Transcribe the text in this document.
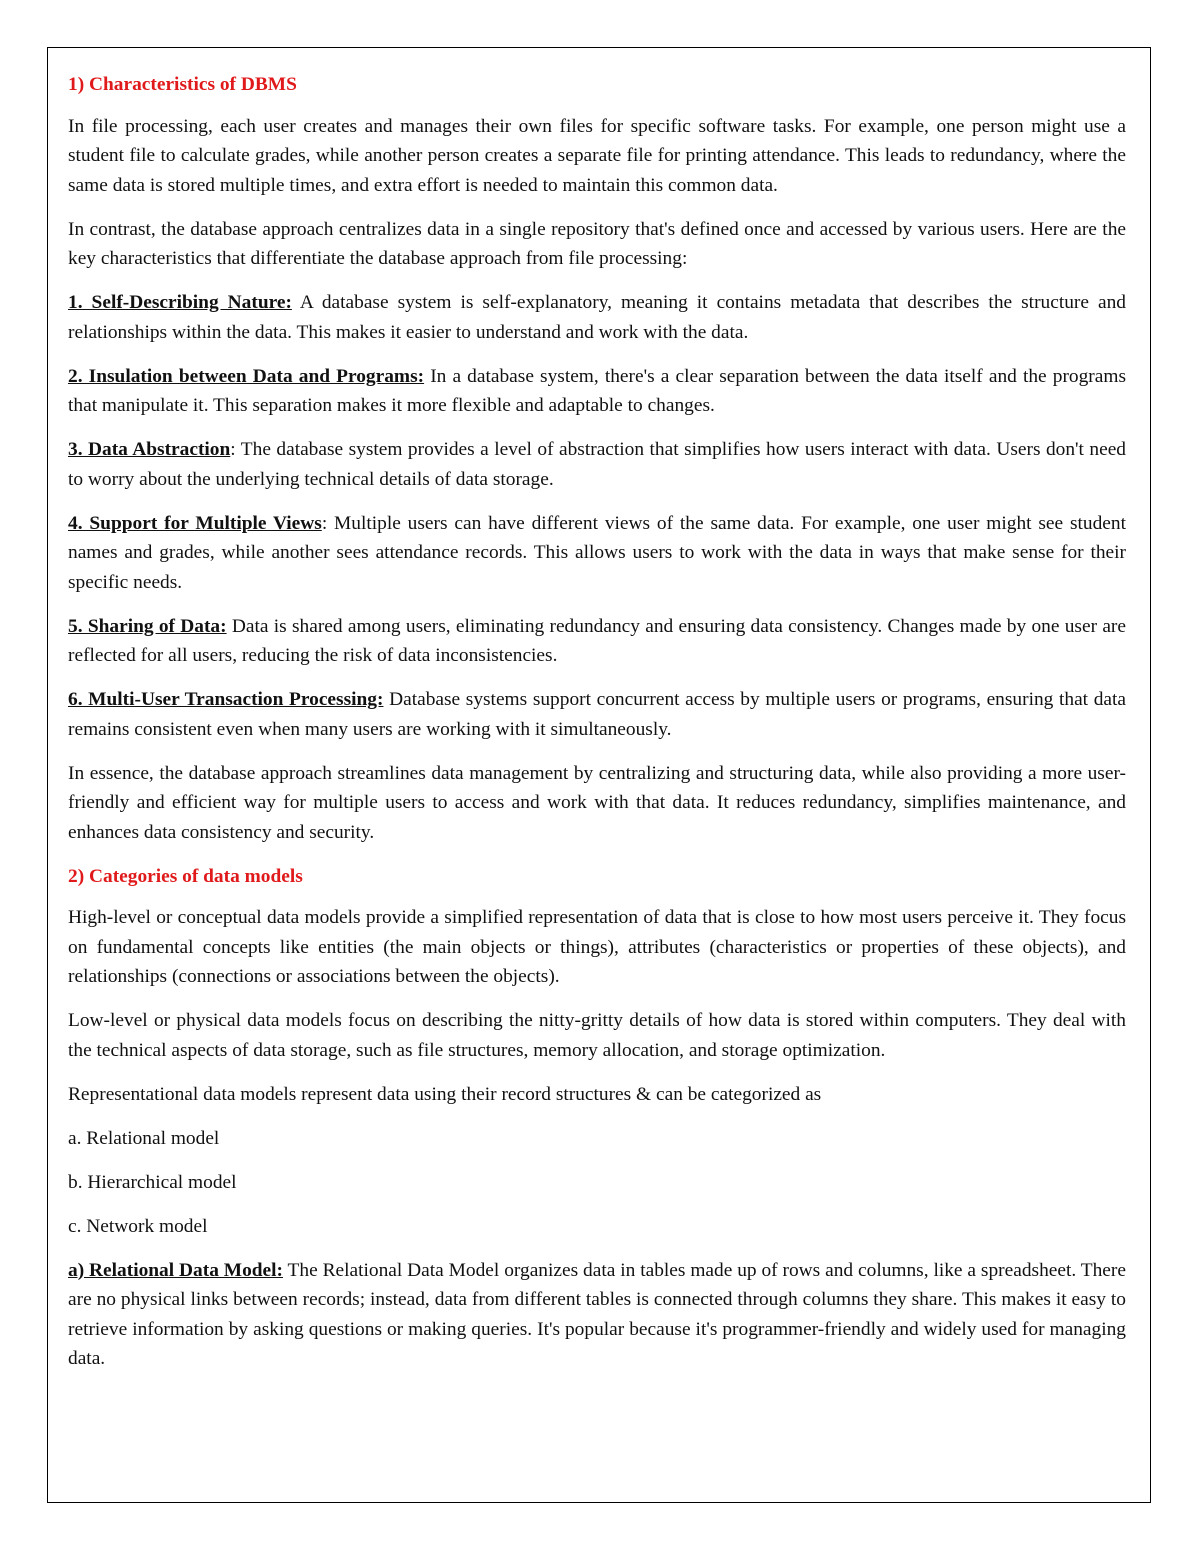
1) Characteristics of DBMS

In file processing, each user creates and manages their own files for specific software tasks. For example, one person might use a student file to calculate grades, while another person creates a separate file for printing attendance. This leads to redundancy, where the same data is stored multiple times, and extra effort is needed to maintain this common data.

In contrast, the database approach centralizes data in a single repository that's defined once and accessed by various users. Here are the key characteristics that differentiate the database approach from file processing:

1. Self-Describing Nature: A database system is self-explanatory, meaning it contains metadata that describes the structure and relationships within the data. This makes it easier to understand and work with the data.

2. Insulation between Data and Programs: In a database system, there's a clear separation between the data itself and the programs that manipulate it. This separation makes it more flexible and adaptable to changes.

3. Data Abstraction: The database system provides a level of abstraction that simplifies how users interact with data. Users don't need to worry about the underlying technical details of data storage.

4. Support for Multiple Views: Multiple users can have different views of the same data. For example, one user might see student names and grades, while another sees attendance records. This allows users to work with the data in ways that make sense for their specific needs.

5. Sharing of Data: Data is shared among users, eliminating redundancy and ensuring data consistency. Changes made by one user are reflected for all users, reducing the risk of data inconsistencies.

6. Multi-User Transaction Processing: Database systems support concurrent access by multiple users or programs, ensuring that data remains consistent even when many users are working with it simultaneously.

In essence, the database approach streamlines data management by centralizing and structuring data, while also providing a more user-friendly and efficient way for multiple users to access and work with that data. It reduces redundancy, simplifies maintenance, and enhances data consistency and security.

2) Categories of data models

High-level or conceptual data models provide a simplified representation of data that is close to how most users perceive it. They focus on fundamental concepts like entities (the main objects or things), attributes (characteristics or properties of these objects), and relationships (connections or associations between the objects).

Low-level or physical data models focus on describing the nitty-gritty details of how data is stored within computers. They deal with the technical aspects of data storage, such as file structures, memory allocation, and storage optimization.

Representational data models represent data using their record structures & can be categorized as

a. Relational model

b. Hierarchical model

c. Network model

a) Relational Data Model: The Relational Data Model organizes data in tables made up of rows and columns, like a spreadsheet. There are no physical links between records; instead, data from different tables is connected through columns they share. This makes it easy to retrieve information by asking questions or making queries. It's popular because it's programmer-friendly and widely used for managing data.
